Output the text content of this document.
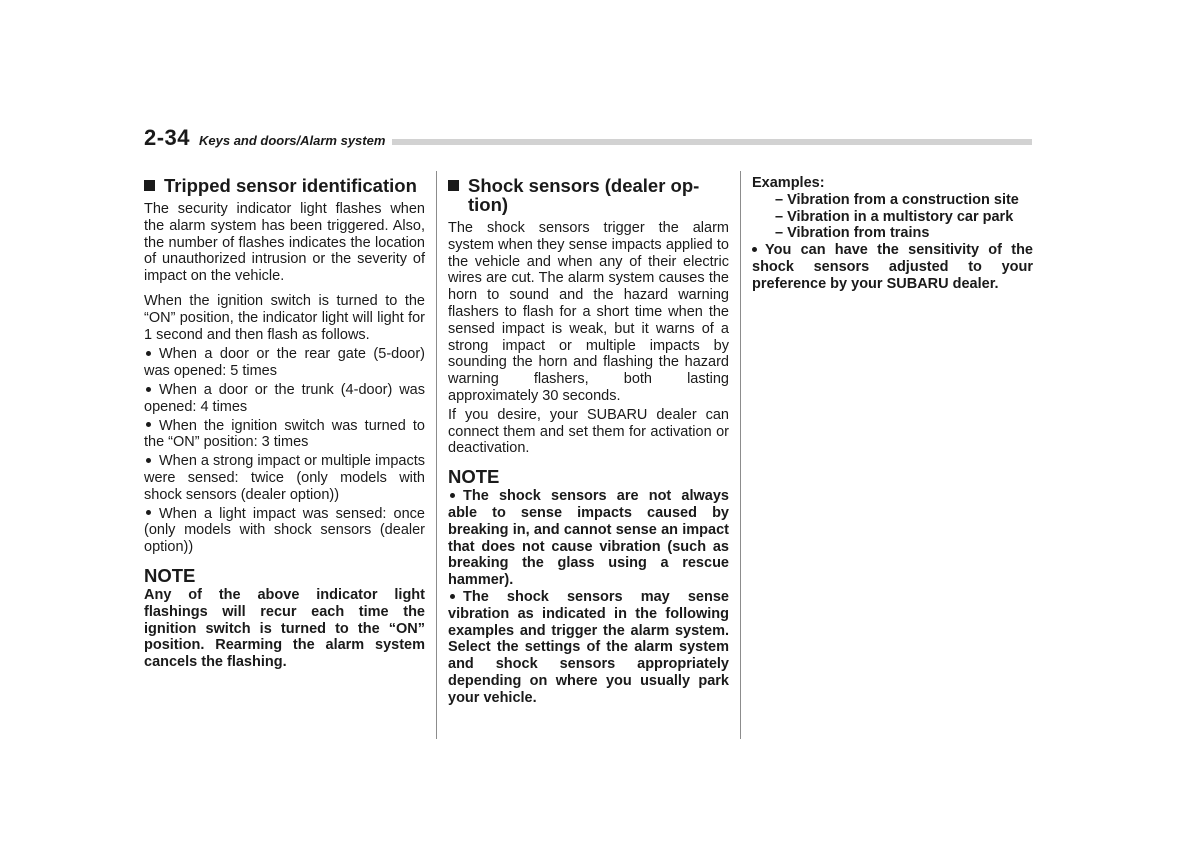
2-34 Keys and doors/Alarm system
Tripped sensor identification

The security indicator light flashes when the alarm system has been triggered. Also, the number of flashes indicates the location of unauthorized intrusion or the severity of impact on the vehicle.

When the ignition switch is turned to the “ON” position, the indicator light will light for 1 second and then flash as follows.

When a door or the rear gate (5-door) was opened: 5 times

When a door or the trunk (4-door) was opened: 4 times

When the ignition switch was turned to the “ON” position: 3 times

When a strong impact or multiple impacts were sensed: twice (only models with shock sensors (dealer option))

When a light impact was sensed: once (only models with shock sensors (dealer option))

NOTE

Any of the above indicator light flashings will recur each time the ignition switch is turned to the “ON” position. Rearming the alarm system cancels the flashing.

Shock sensors (dealer op-
tion)

The shock sensors trigger the alarm system when they sense impacts applied to the vehicle and when any of their electric wires are cut. The alarm system causes the horn to sound and the hazard warning flashers to flash for a short time when the sensed impact is weak, but it warns of a strong impact or multiple impacts by sounding the horn and flashing the hazard warning flashers, both lasting approximately 30 seconds.

If you desire, your SUBARU dealer can connect them and set them for activation or deactivation.

NOTE

The shock sensors are not always able to sense impacts caused by breaking in, and cannot sense an impact that does not cause vibration (such as breaking the glass using a rescue hammer).

The shock sensors may sense vibration as indicated in the following examples and trigger the alarm system. Select the settings of the alarm system and shock sensors appropriately depending on where you usually park your vehicle.

Examples:
– Vibration from a construction site
– Vibration in a multistory car park
– Vibration from trains

You can have the sensitivity of the shock sensors adjusted to your preference by your SUBARU dealer.
